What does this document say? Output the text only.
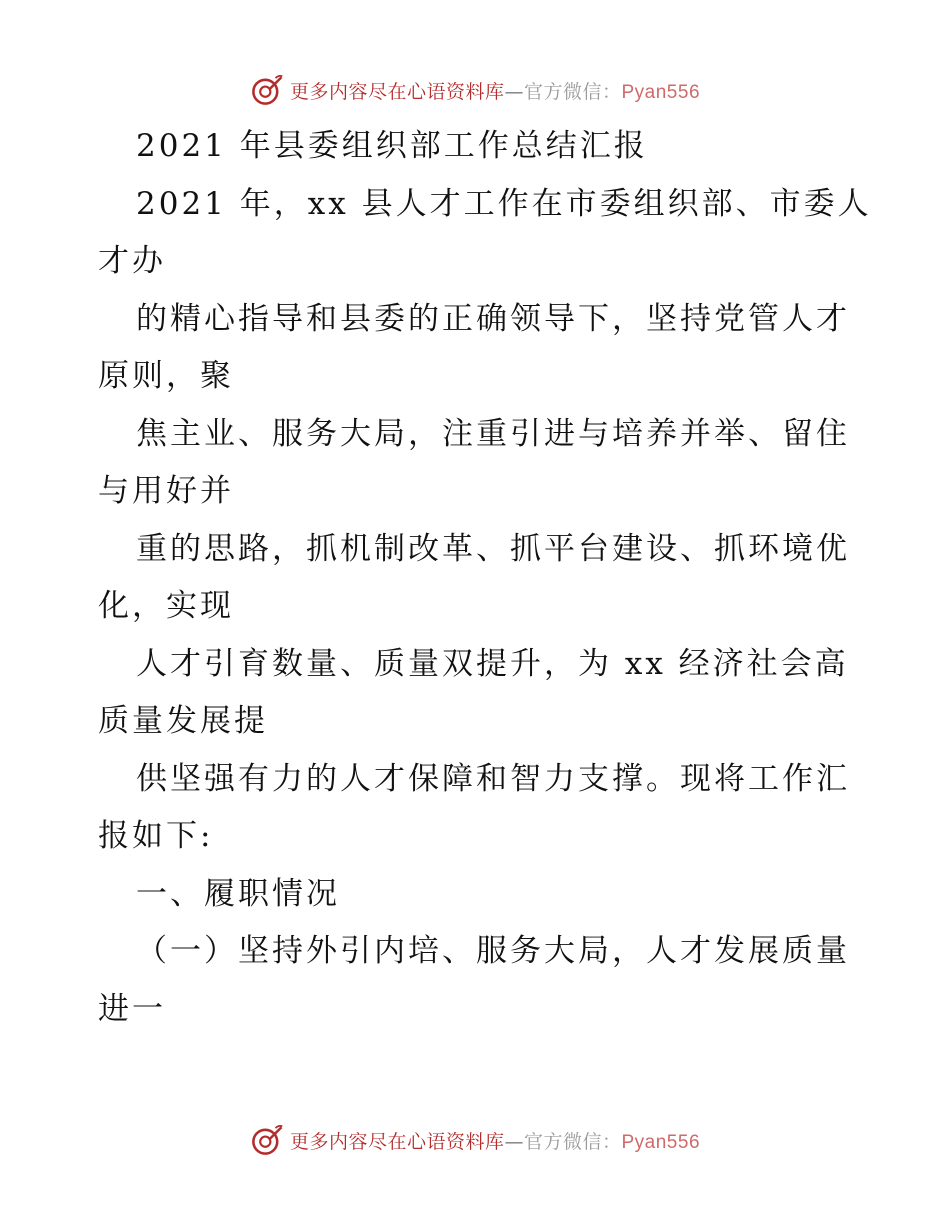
更多内容尽在心语资料库—官方微信：Pyan556
2021 年县委组织部工作总结汇报
2021 年，xx 县人才工作在市委组织部、市委人
才办
的精心指导和县委的正确领导下，坚持党管人才
原则，聚
焦主业、服务大局，注重引进与培养并举、留住
与用好并
重的思路，抓机制改革、抓平台建设、抓环境优
化，实现
人才引育数量、质量双提升，为 xx 经济社会高
质量发展提
供坚强有力的人才保障和智力支撑。现将工作汇
报如下:
一、履职情况
（一）坚持外引内培、服务大局，人才发展质量
进一
更多内容尽在心语资料库—官方微信：Pyan556
